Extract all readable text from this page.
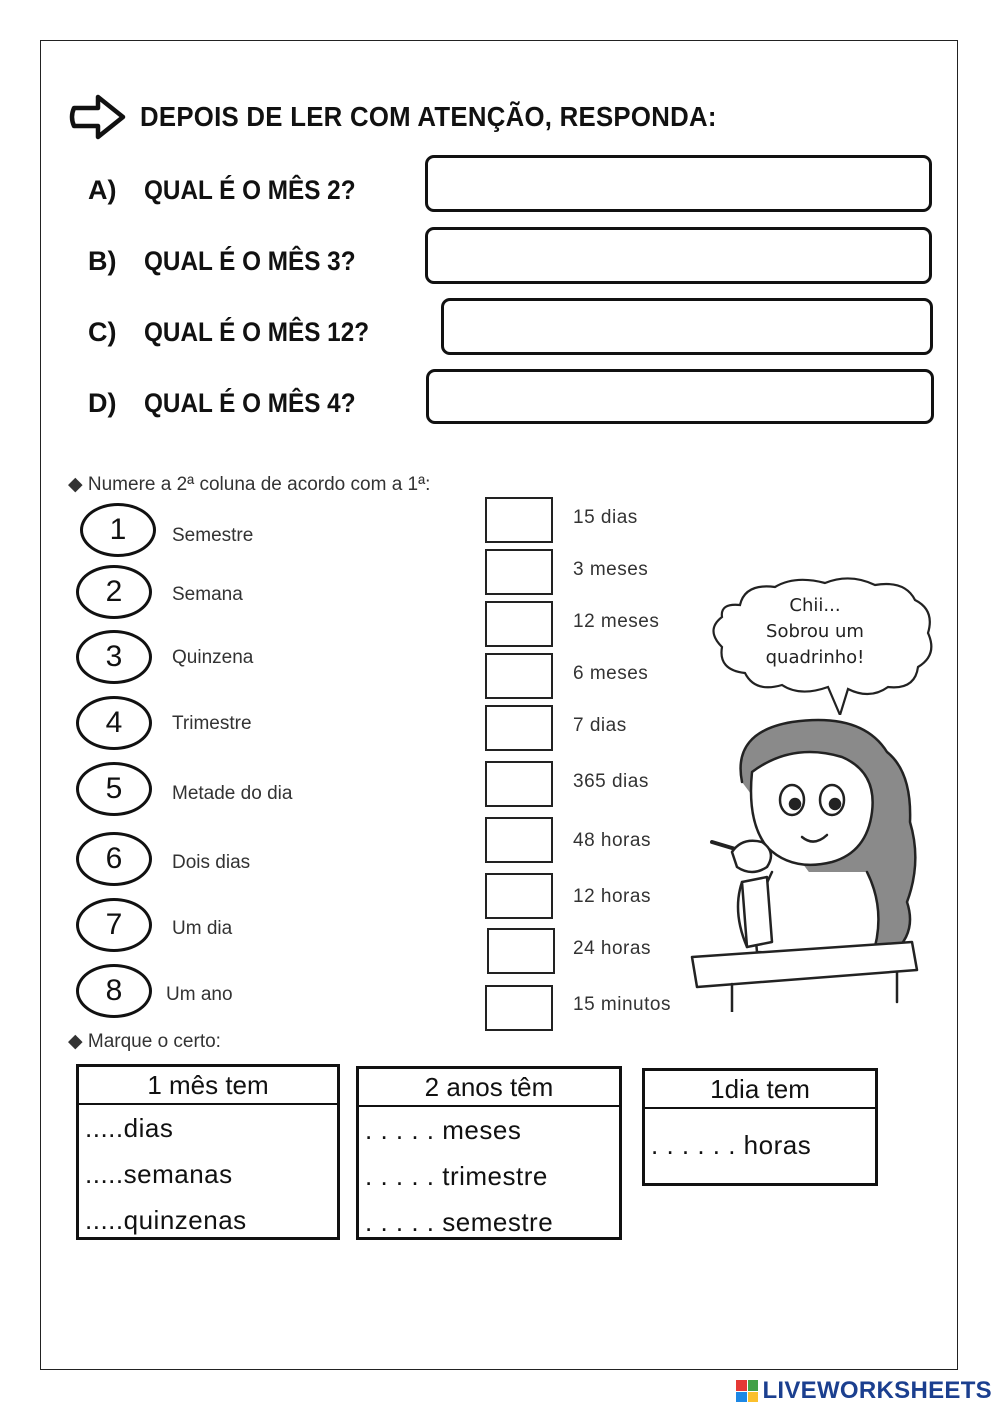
DEPOIS DE LER COM ATENÇÃO, RESPONDA:
A)	QUAL É O MÊS 2?
B)	QUAL É O MÊS 3?
C)	QUAL É O MÊS 12?
D)	QUAL É O MÊS 4?
◆ Numere a 2ª coluna de acordo com a 1ª:
1	Semestre
2	Semana
3	Quinzena
4	Trimestre
5	Metade do dia
6	Dois dias
7	Um dia
8	Um ano
15 dias
3 meses
12 meses
6 meses
7 dias
365 dias
48 horas
12 horas
24 horas
15 minutos
Chii...
Sobrou um
quadrinho!
◆ Marque o certo:
1 mês tem
.....dias
.....semanas
.....quinzenas
2 anos têm
. . . . . meses
. . . . . trimestre
. . . . . semestre
1dia tem
. . . . . . horas
LIVEWORKSHEETS
